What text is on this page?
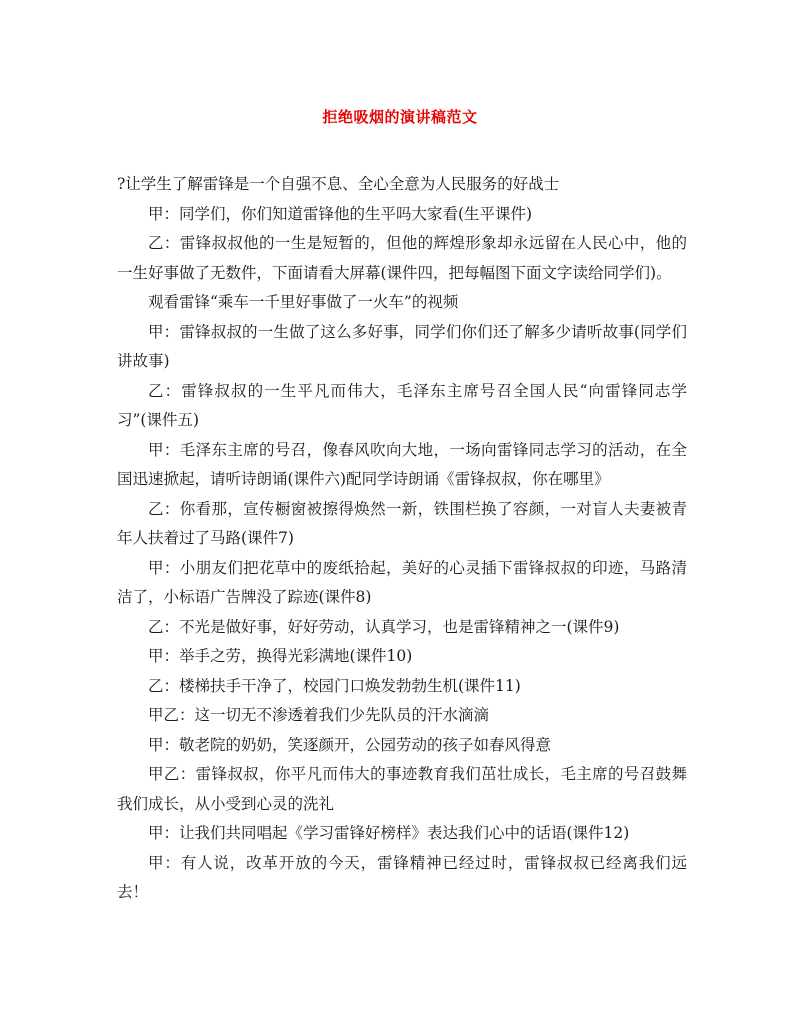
拒绝吸烟的演讲稿范文

?让学生了解雷锋是一个自强不息、全心全意为人民服务的好战士

甲：同学们，你们知道雷锋他的生平吗大家看(生平课件)

乙：雷锋叔叔他的一生是短暂的，但他的辉煌形象却永远留在人民心中，他的一生好事做了无数件，下面请看大屏幕(课件四，把每幅图下面文字读给同学们)。

观看雷锋“乘车一千里好事做了一火车”的视频

甲：雷锋叔叔的一生做了这么多好事，同学们你们还了解多少请听故事(同学们讲故事)

乙：雷锋叔叔的一生平凡而伟大，毛泽东主席号召全国人民“向雷锋同志学习”(课件五)

甲：毛泽东主席的号召，像春风吹向大地，一场向雷锋同志学习的活动，在全国迅速掀起，请听诗朗诵(课件六)配同学诗朗诵《雷锋叔叔，你在哪里》

乙：你看那，宣传橱窗被擦得焕然一新，铁围栏换了容颜，一对盲人夫妻被青年人扶着过了马路(课件7)

甲：小朋友们把花草中的废纸拾起，美好的心灵插下雷锋叔叔的印迹，马路清洁了，小标语广告牌没了踪迹(课件8)

乙：不光是做好事，好好劳动，认真学习，也是雷锋精神之一(课件9)

甲：举手之劳，换得光彩满地(课件10)

乙：楼梯扶手干净了，校园门口焕发勃勃生机(课件11)

甲乙：这一切无不渗透着我们少先队员的汗水滴滴

甲：敬老院的奶奶，笑逐颜开，公园劳动的孩子如春风得意

甲乙：雷锋叔叔，你平凡而伟大的事迹教育我们茁壮成长，毛主席的号召鼓舞我们成长，从小受到心灵的洗礼

甲：让我们共同唱起《学习雷锋好榜样》表达我们心中的话语(课件12)

甲：有人说，改革开放的今天，雷锋精神已经过时，雷锋叔叔已经离我们远去！
